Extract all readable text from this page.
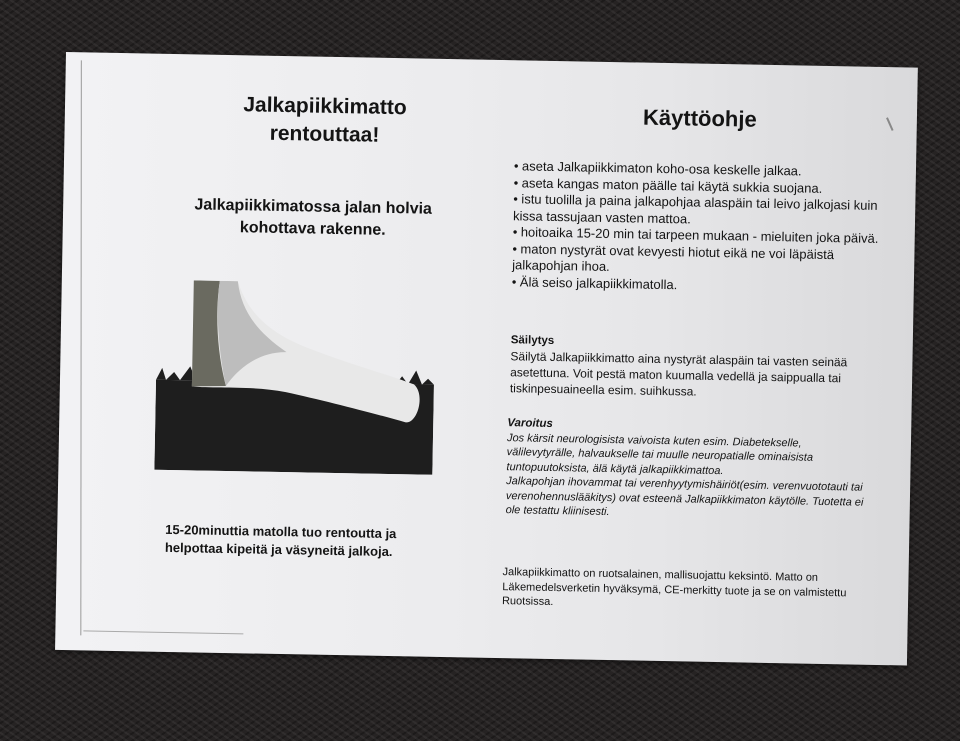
Jalkapiikkimatto rentouttaa!
Jalkapiikkimatossa jalan holvia kohottava rakenne.
15-20minuttia matolla tuo rentoutta ja helpottaa kipeitä ja väsyneitä jalkoja.
Käyttöohje
• aseta Jalkapiikkimaton koho-osa keskelle jalkaa.
• aseta kangas maton päälle tai käytä sukkia suojana.
• istu tuolilla ja paina jalkapohjaa alaspäin tai leivo jalkojasi kuin kissa tassujaan vasten mattoa.
• hoitoaika 15-20 min tai tarpeen mukaan - mieluiten joka päivä.
• maton nystyrät ovat kevyesti hiotut eikä ne voi läpäistä jalkapohjan ihoa.
• Älä seiso jalkapiikkimatolla.
Säilytys
Säilytä Jalkapiikkimatto aina nystyrät alaspäin tai vasten seinää asetettuna. Voit pestä maton kuumalla vedellä ja saippualla tai tiskinpesuaineella esim. suihkussa.
Varoitus
Jos kärsit neurologisista vaivoista kuten esim. Diabetekselle, välilevytyrälle, halvaukselle tai muulle neuropatialle ominaisista tuntopuutoksista, älä käytä jalkapiikkimattoa.
Jalkapohjan ihovammat tai verenhyytymishäiriöt(esim. verenvuototauti tai verenohennuslääkitys) ovat esteenä Jalkapiikkimaton käytölle. Tuotetta ei ole testattu kliinisesti.
Jalkapiikkimatto on ruotsalainen, mallisuojattu keksintö. Matto on Läkemedelsverketin hyväksymä, CE-merkitty tuote ja se on valmistettu Ruotsissa.
